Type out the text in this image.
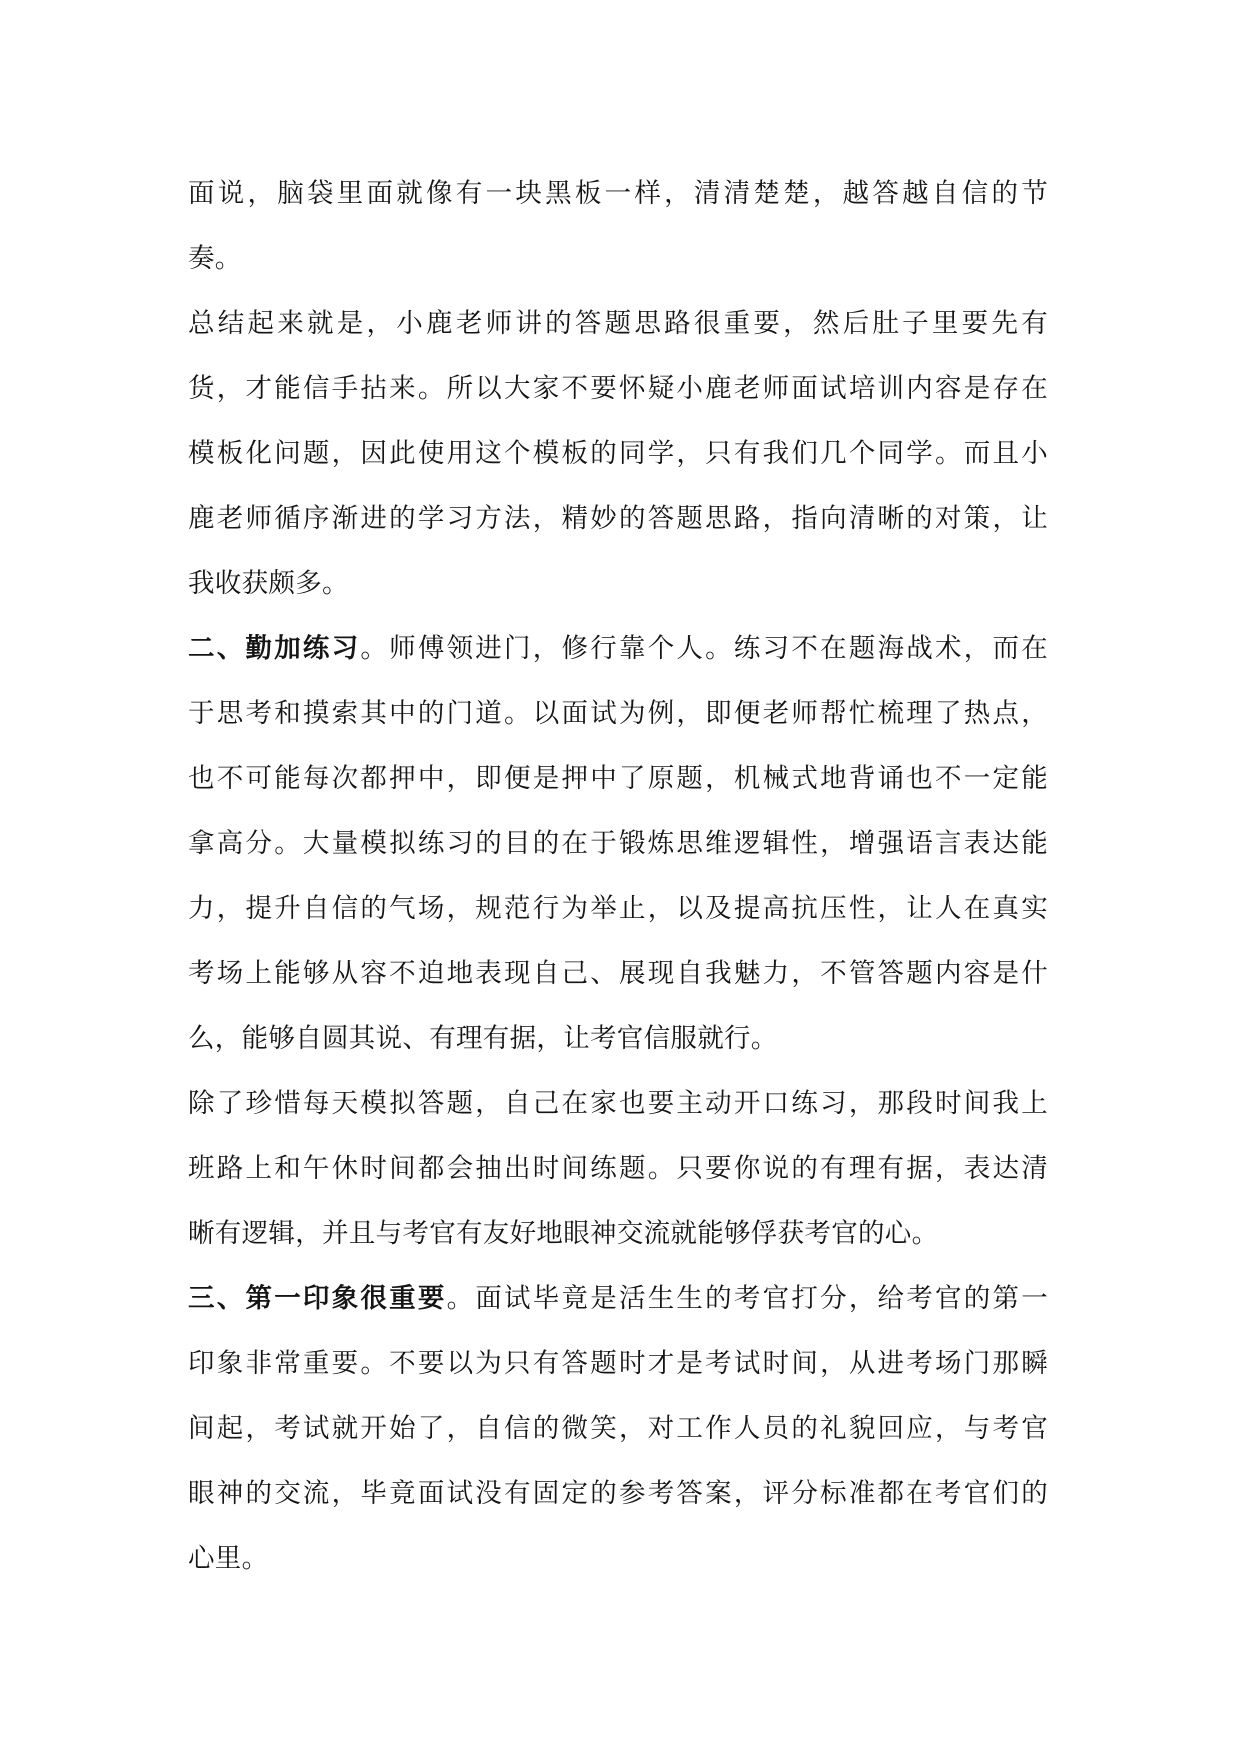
面说，脑袋里面就像有一块黑板一样，清清楚楚，越答越自信的节
奏。
总结起来就是，小鹿老师讲的答题思路很重要，然后肚子里要先有
货，才能信手拈来。所以大家不要怀疑小鹿老师面试培训内容是存在
模板化问题，因此使用这个模板的同学，只有我们几个同学。而且小
鹿老师循序渐进的学习方法，精妙的答题思路，指向清晰的对策，让
我收获颇多。
二、勤加练习。师傅领进门，修行靠个人。练习不在题海战术，而在
于思考和摸索其中的门道。以面试为例，即便老师帮忙梳理了热点，
也不可能每次都押中，即便是押中了原题，机械式地背诵也不一定能
拿高分。大量模拟练习的目的在于锻炼思维逻辑性，增强语言表达能
力，提升自信的气场，规范行为举止，以及提高抗压性，让人在真实
考场上能够从容不迫地表现自己、展现自我魅力，不管答题内容是什
么，能够自圆其说、有理有据，让考官信服就行。
除了珍惜每天模拟答题，自己在家也要主动开口练习，那段时间我上
班路上和午休时间都会抽出时间练题。只要你说的有理有据，表达清
晰有逻辑，并且与考官有友好地眼神交流就能够俘获考官的心。
三、第一印象很重要。面试毕竟是活生生的考官打分，给考官的第一
印象非常重要。不要以为只有答题时才是考试时间，从进考场门那瞬
间起，考试就开始了，自信的微笑，对工作人员的礼貌回应，与考官
眼神的交流，毕竟面试没有固定的参考答案，评分标准都在考官们的
心里。
